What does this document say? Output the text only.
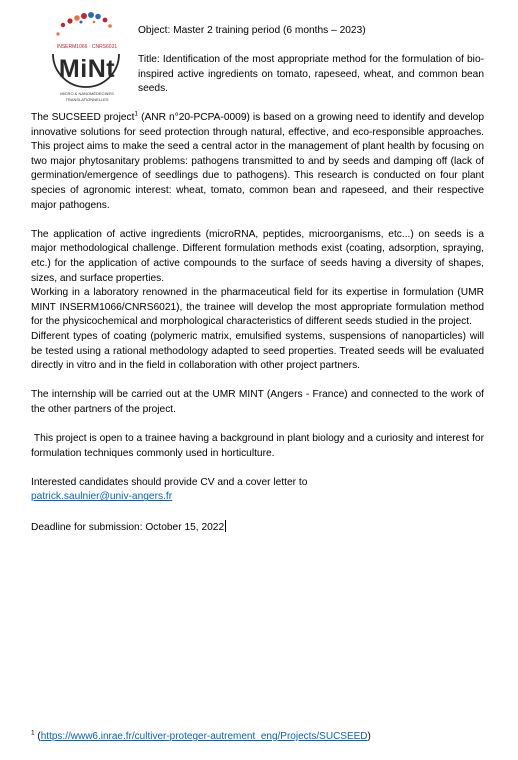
INSERM1066 · CNRS6021
MiNt
MICRO & NANOMÉDECINES
TRANSLATIONNELLES
Object: Master 2 training period (6 months – 2023)
Title: Identification of the most appropriate method for the formulation of bio-inspired active ingredients on tomato, rapeseed, wheat, and common bean seeds.

The SUCSEED project$^1$ (ANR n°20-PCPA-0009) is based on a growing need to identify and develop innovative solutions for seed protection through natural, effective, and eco-responsible approaches. This project aims to make the seed a central actor in the management of plant health by focusing on two major phytosanitary problems: pathogens transmitted to and by seeds and damping off (lack of germination/emergence of seedlings due to pathogens). This research is conducted on four plant species of agronomic interest: wheat, tomato, common bean and rapeseed, and their respective major pathogens.

The application of active ingredients (microRNA, peptides, microorganisms, etc...) on seeds is a major methodological challenge. Different formulation methods exist (coating, adsorption, spraying, etc.) for the application of active compounds to the surface of seeds having a diversity of shapes, sizes, and surface properties.

Working in a laboratory renowned in the pharmaceutical field for its expertise in formulation (UMR MINT INSERM1066/CNRS6021), the trainee will develop the most appropriate formulation method for the physicochemical and morphological characteristics of different seeds studied in the project.

Different types of coating (polymeric matrix, emulsified systems, suspensions of nanoparticles) will be tested using a rational methodology adapted to seed properties. Treated seeds will be evaluated directly in vitro and in the field in collaboration with other project partners.

The internship will be carried out at the UMR MINT (Angers - France) and connected to the work of the other partners of the project.

This project is open to a trainee having a background in plant biology and a curiosity and interest for formulation techniques commonly used in horticulture.

Interested candidates should provide CV and a cover letter to

patrick.saulnier@univ-angers.fr

Deadline for submission: October 15, 2022

$^1$ (https://www6.inrae.fr/cultiver-proteger-autrement_eng/Projects/SUCSEED)
